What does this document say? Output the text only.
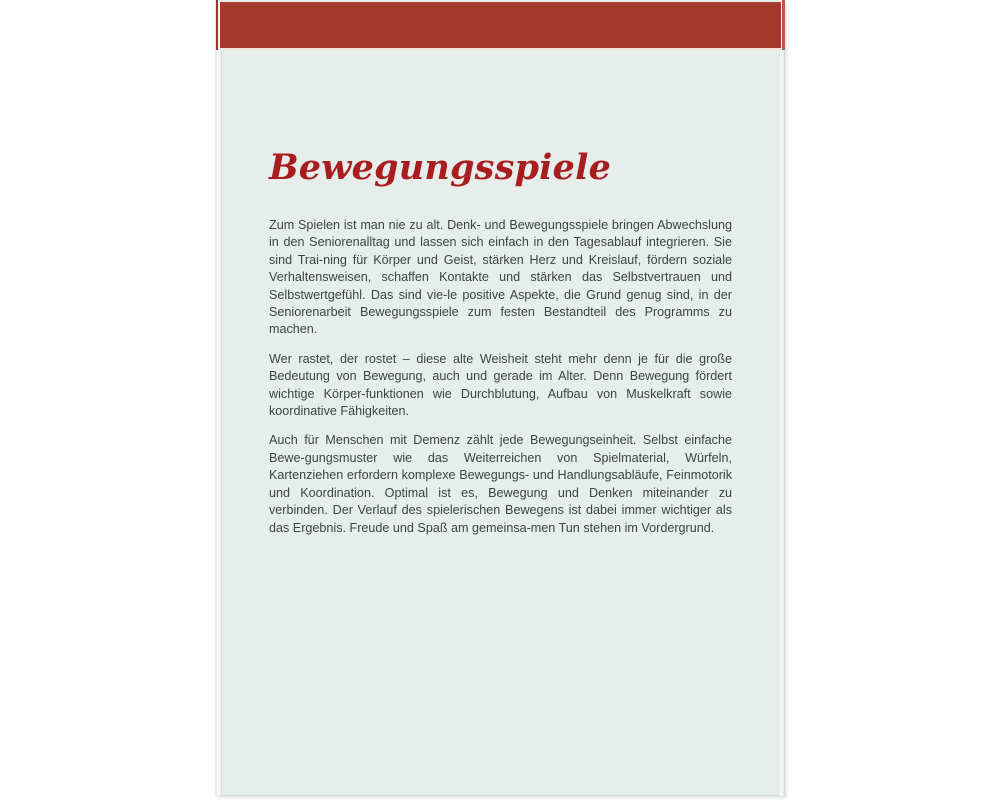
Bewegungsspiele

Zum Spielen ist man nie zu alt. Denk- und Bewegungsspiele bringen Abwechslung in den Seniorenalltag und lassen sich einfach in den Tagesablauf integrieren. Sie sind Trai-ning für Körper und Geist, stärken Herz und Kreislauf, fördern soziale Verhaltensweisen, schaffen Kontakte und stärken das Selbstvertrauen und Selbstwertgefühl. Das sind vie-le positive Aspekte, die Grund genug sind, in der Seniorenarbeit Bewegungsspiele zum festen Bestandteil des Programms zu machen.

Wer rastet, der rostet – diese alte Weisheit steht mehr denn je für die große Bedeutung von Bewegung, auch und gerade im Alter. Denn Bewegung fördert wichtige Körper-funktionen wie Durchblutung, Aufbau von Muskelkraft sowie koordinative Fähigkeiten.

Auch für Menschen mit Demenz zählt jede Bewegungseinheit. Selbst einfache Bewe-gungsmuster wie das Weiterreichen von Spielmaterial, Würfeln, Kartenziehen erfordern komplexe Bewegungs- und Handlungsabläufe, Feinmotorik und Koordination. Optimal ist es, Bewegung und Denken miteinander zu verbinden. Der Verlauf des spielerischen Bewegens ist dabei immer wichtiger als das Ergebnis. Freude und Spaß am gemeinsa-men Tun stehen im Vordergrund.
